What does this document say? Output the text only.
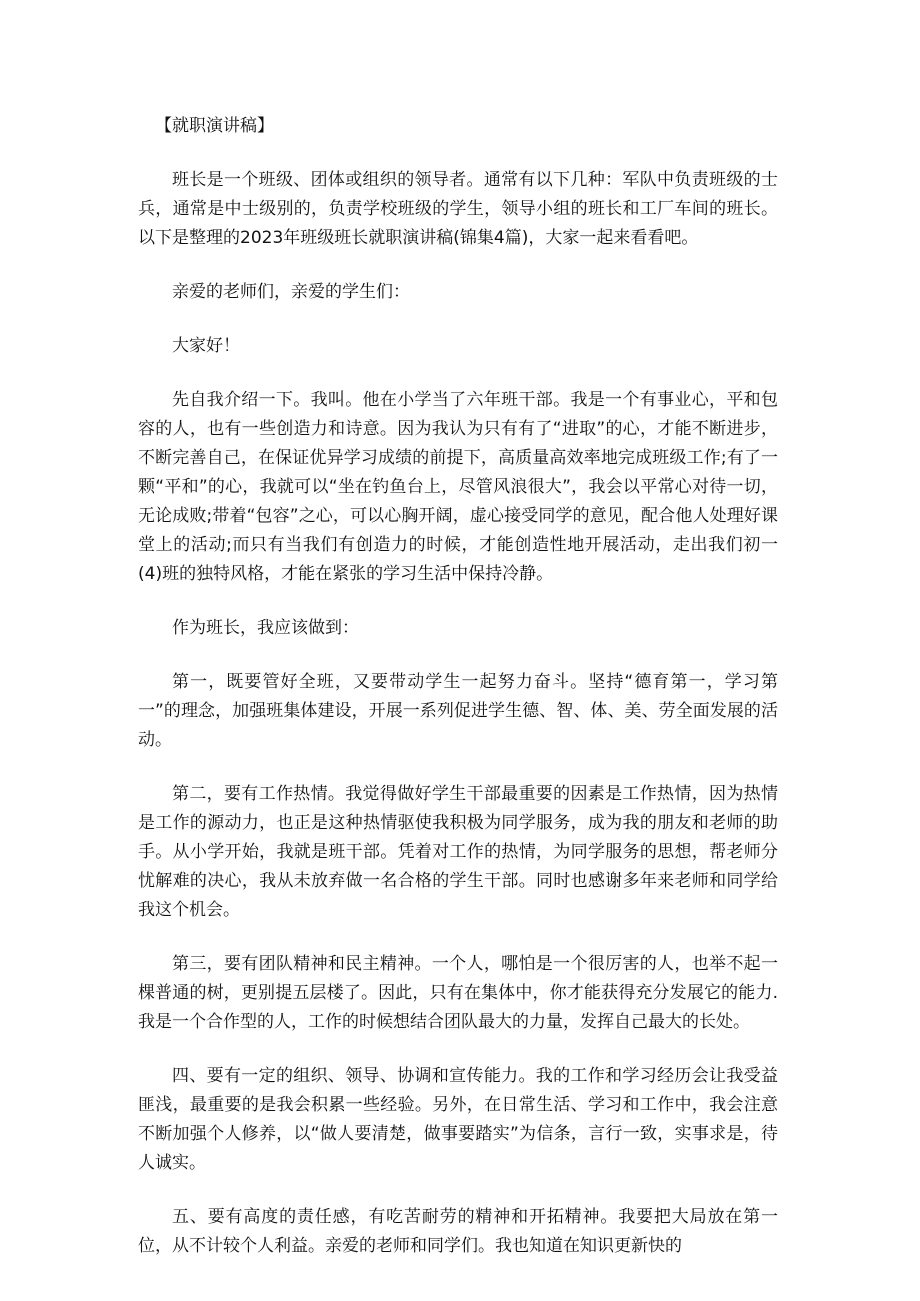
【就职演讲稿】

班长是一个班级、团体或组织的领导者。通常有以下几种：军队中负责班级的士兵，通常是中士级别的，负责学校班级的学生，领导小组的班长和工厂车间的班长。以下是整理的2023年班级班长就职演讲稿(锦集4篇)，大家一起来看看吧。

亲爱的老师们，亲爱的学生们：

大家好！

先自我介绍一下。我叫。他在小学当了六年班干部。我是一个有事业心，平和包容的人，也有一些创造力和诗意。因为我认为只有有了“进取”的心，才能不断进步，不断完善自己，在保证优异学习成绩的前提下，高质量高效率地完成班级工作;有了一颗“平和”的心，我就可以“坐在钓鱼台上，尽管风浪很大”，我会以平常心对待一切，无论成败;带着“包容”之心，可以心胸开阔，虚心接受同学的意见，配合他人处理好课堂上的活动;而只有当我们有创造力的时候，才能创造性地开展活动，走出我们初一(4)班的独特风格，才能在紧张的学习生活中保持冷静。

作为班长，我应该做到：

第一，既要管好全班，又要带动学生一起努力奋斗。坚持“德育第一，学习第一”的理念，加强班集体建设，开展一系列促进学生德、智、体、美、劳全面发展的活动。

第二，要有工作热情。我觉得做好学生干部最重要的因素是工作热情，因为热情是工作的源动力，也正是这种热情驱使我积极为同学服务，成为我的朋友和老师的助手。从小学开始，我就是班干部。凭着对工作的热情，为同学服务的思想，帮老师分忧解难的决心，我从未放弃做一名合格的学生干部。同时也感谢多年来老师和同学给我这个机会。

第三，要有团队精神和民主精神。一个人，哪怕是一个很厉害的人，也举不起一棵普通的树，更别提五层楼了。因此，只有在集体中，你才能获得充分发展它的能力.我是一个合作型的人，工作的时候想结合团队最大的力量，发挥自己最大的长处。

四、要有一定的组织、领导、协调和宣传能力。我的工作和学习经历会让我受益匪浅，最重要的是我会积累一些经验。另外，在日常生活、学习和工作中，我会注意不断加强个人修养，以“做人要清楚，做事要踏实”为信条，言行一致，实事求是，待人诚实。

五、要有高度的责任感，有吃苦耐劳的精神和开拓精神。我要把大局放在第一位，从不计较个人利益。亲爱的老师和同学们。我也知道在知识更新快的
